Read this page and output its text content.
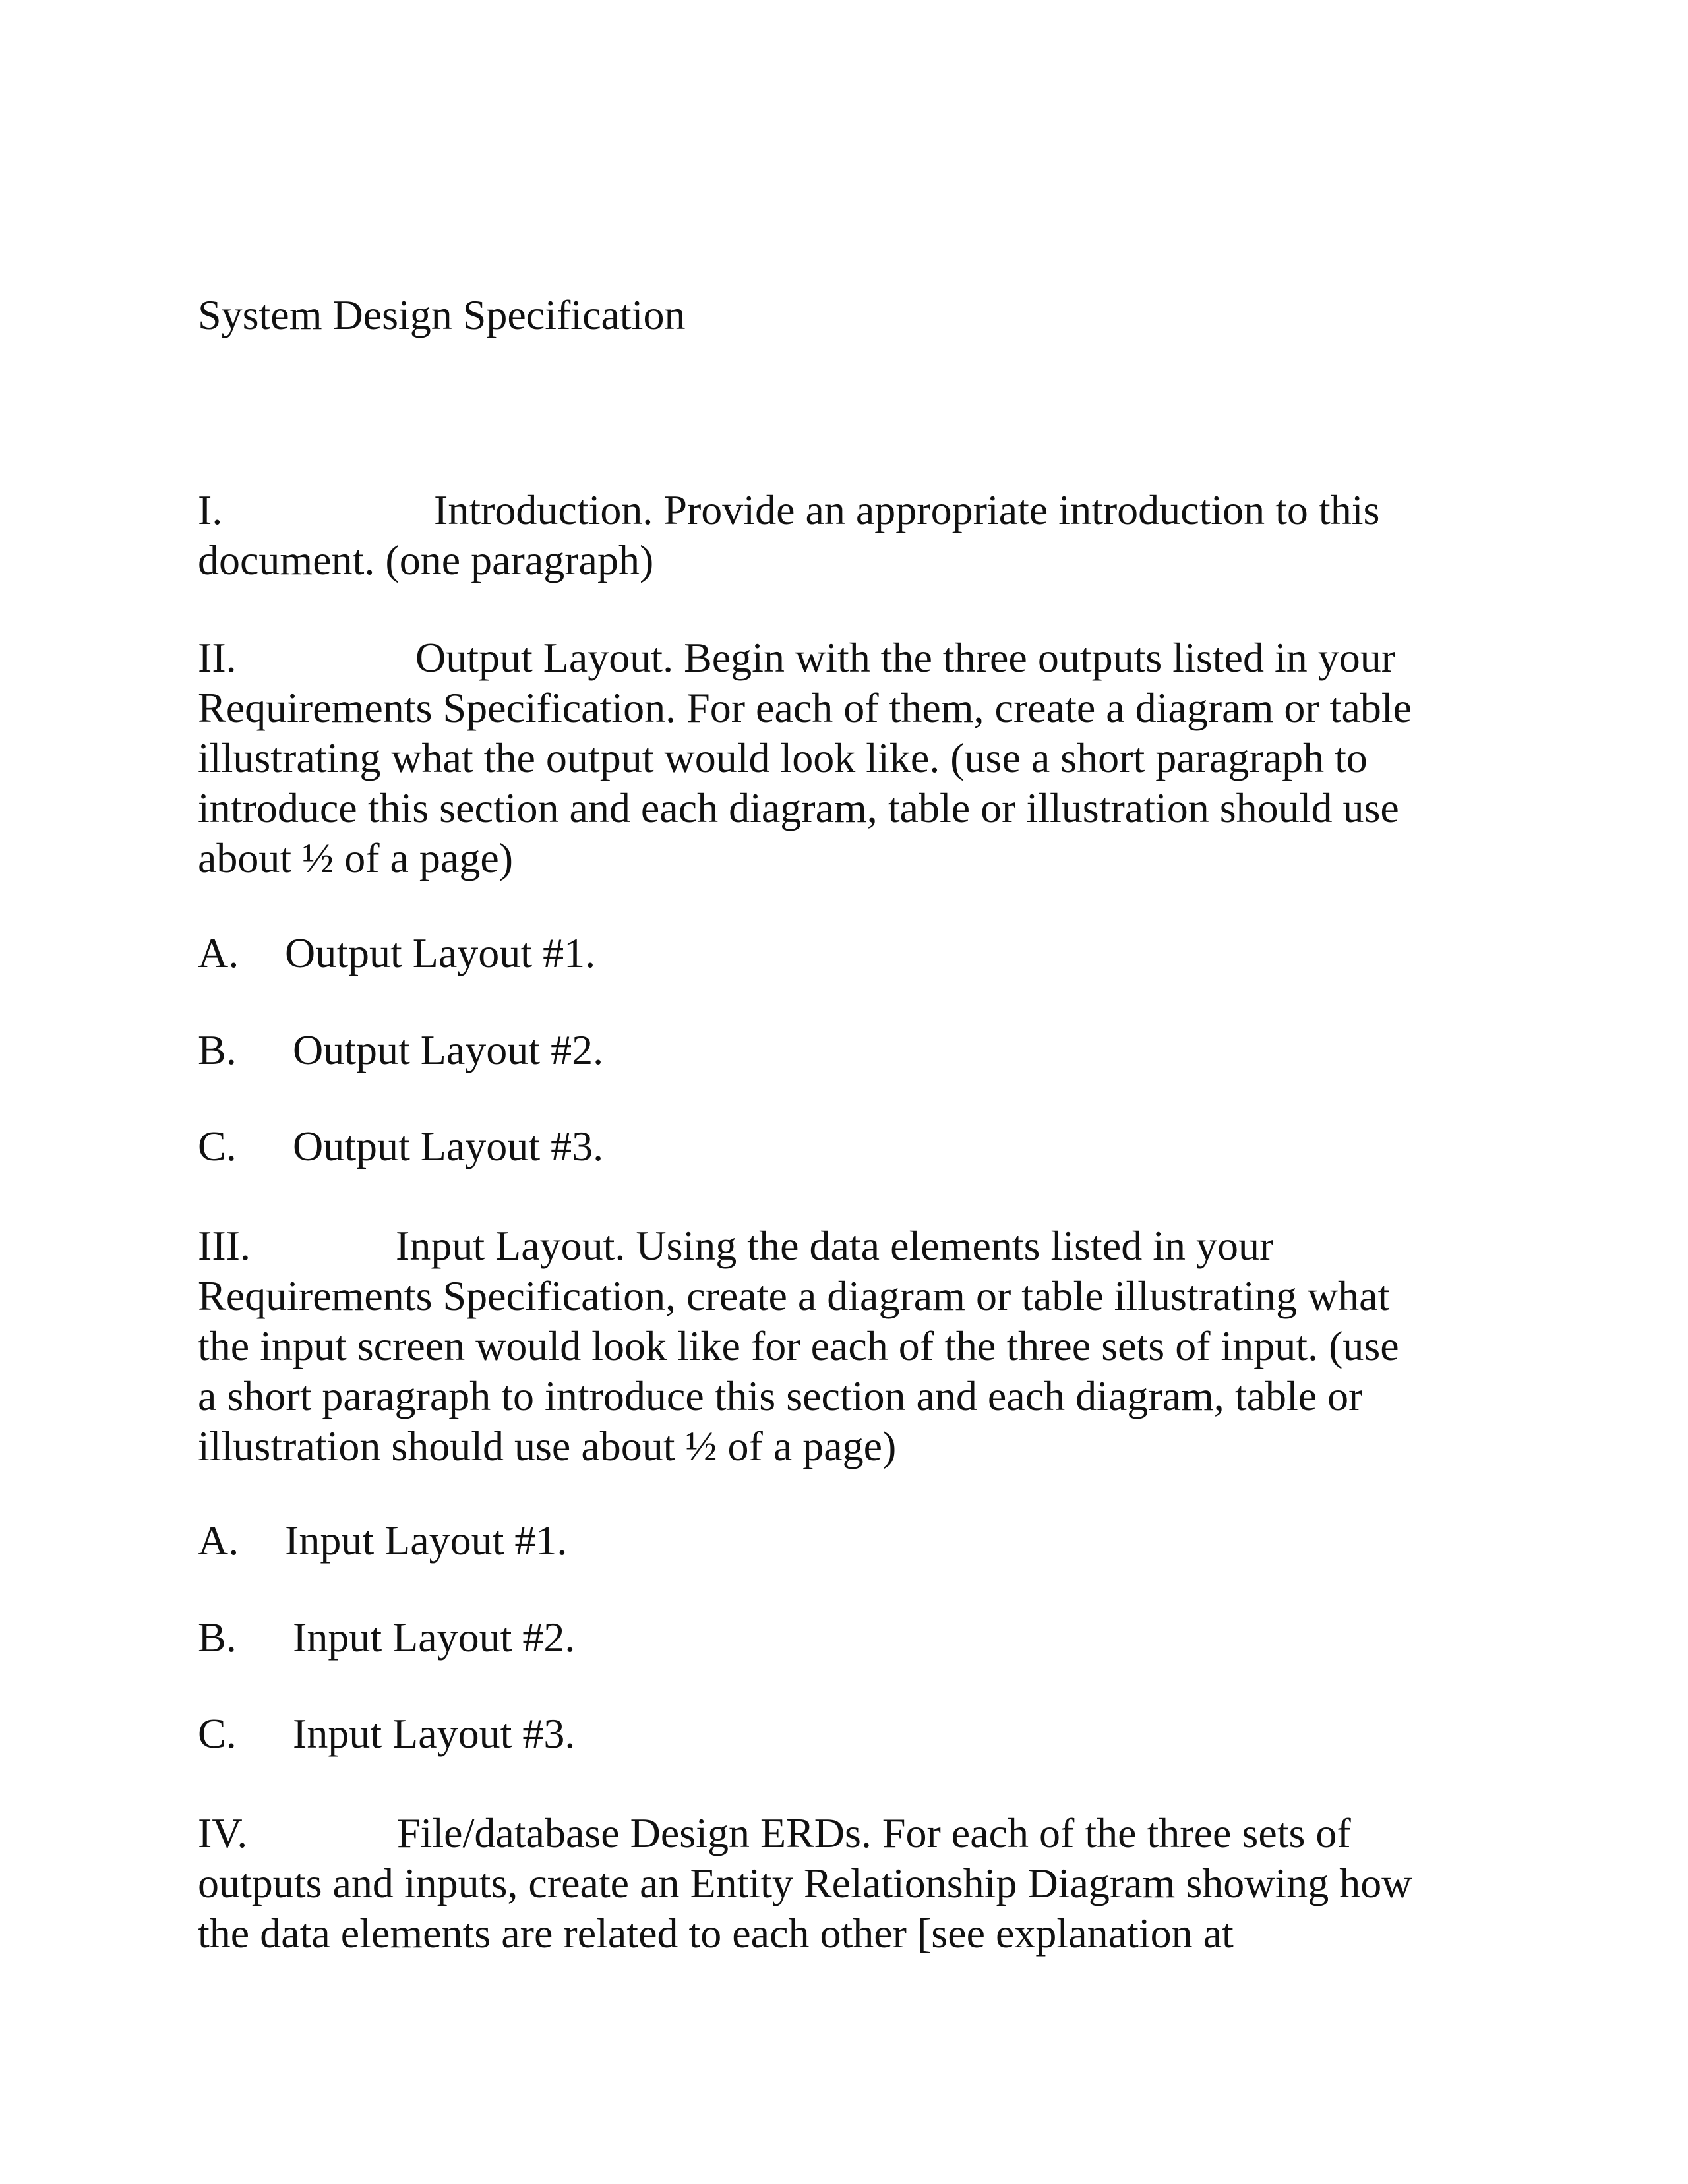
System Design Specification

I.	Introduction. Provide an appropriate introduction to this

document. (one paragraph)

II.	Output Layout. Begin with the three outputs listed in your

Requirements Specification. For each of them, create a diagram or table

illustrating what the output would look like. (use a short paragraph to

introduce this section and each diagram, table or illustration should use

about ½ of a page)

A. Output Layout #1.

B. Output Layout #2.

C. Output Layout #3.

III.	Input Layout. Using the data elements listed in your

Requirements Specification, create a diagram or table illustrating what

the input screen would look like for each of the three sets of input. (use

a short paragraph to introduce this section and each diagram, table or

illustration should use about ½ of a page)

A. Input Layout #1.

B. Input Layout #2.

C. Input Layout #3.

IV.	File/database Design ERDs. For each of the three sets of

outputs and inputs, create an Entity Relationship Diagram showing how

the data elements are related to each other [see explanation at
